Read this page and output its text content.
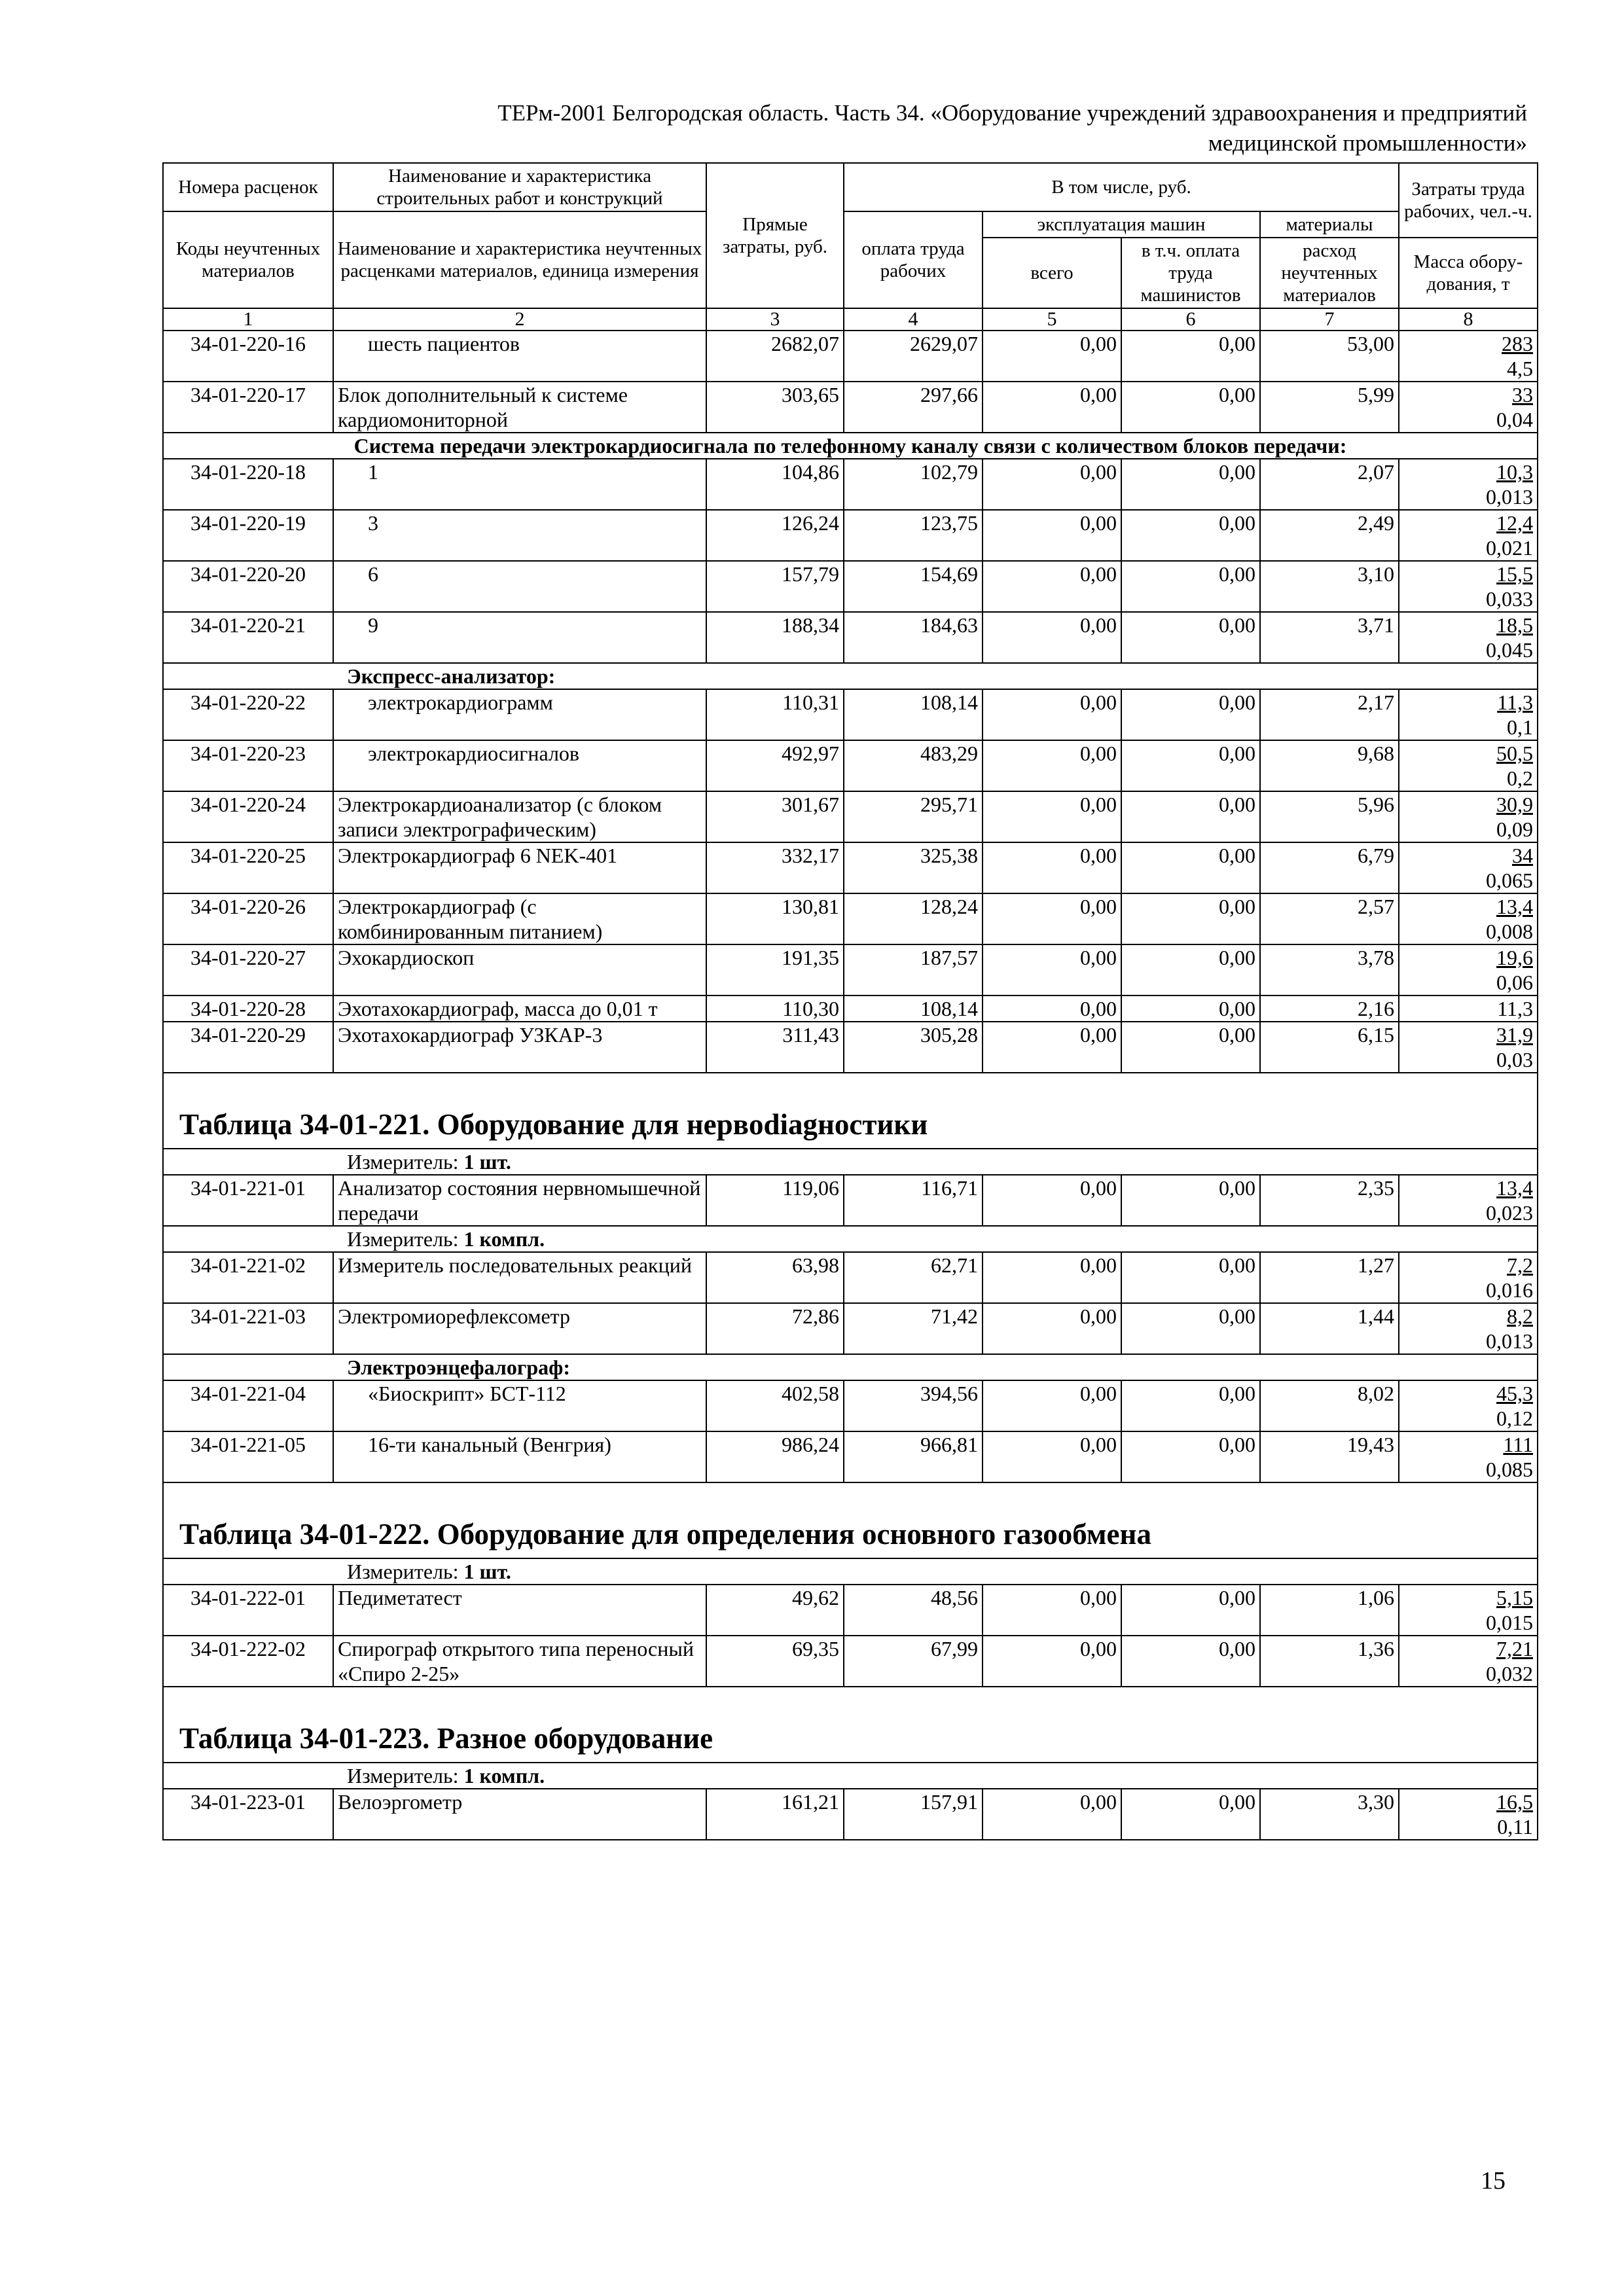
ТЕРм-2001 Белгородская область. Часть 34. «Оборудование учреждений здравоохранения и предприятий
медицинской промышленности»
Номера расценок	Наименование и характеристика строительных работ и конструкций	Прямые затраты, руб.	В том числе, руб.				Затраты труда рабочих, чел.-ч.
Коды неучтенных материалов	Наименование и характеристика неучтенных расценками материалов, единица измерения		оплата труда рабочих	эксплуатация машин		материалы	
				всего	в т.ч. оплата труда машинистов	расход неучтенных материалов	Масса обору-дования, т
1	2	3	4	5	6	7	8
34-01-220-16	шесть пациентов	2682,07	2629,07	0,00	0,00	53,00	283
4,5

34-01-220-17	Блок дополнительный к системе кардиомониторной	303,65	297,66	0,00	0,00	5,99	33
0,04

Система передачи электрокардиосигнала по телефонному каналу связи с количеством блоков передачи:							
34-01-220-18	1	104,86	102,79	0,00	0,00	2,07	10,3
0,013

34-01-220-19	3	126,24	123,75	0,00	0,00	2,49	12,4
0,021

34-01-220-20	6	157,79	154,69	0,00	0,00	3,10	15,5
0,033

34-01-220-21	9	188,34	184,63	0,00	0,00	3,71	18,5
0,045

Экспресс-анализатор:							
34-01-220-22	электрокардиограмм	110,31	108,14	0,00	0,00	2,17	11,3
0,1

34-01-220-23	электрокардиосигналов	492,97	483,29	0,00	0,00	9,68	50,5
0,2

34-01-220-24	Электрокардиоанализатор (с блоком записи электрографическим)	301,67	295,71	0,00	0,00	5,96	30,9
0,09

34-01-220-25	Электрокардиограф 6 NEK-401	332,17	325,38	0,00	0,00	6,79	34
0,065

34-01-220-26	Электрокардиограф (с комбинированным питанием)	130,81	128,24	0,00	0,00	2,57	13,4
0,008

34-01-220-27	Эхокардиоскоп	191,35	187,57	0,00	0,00	3,78	19,6
0,06

34-01-220-28	Эхотахокардиограф, масса до 0,01 т	110,30	108,14	0,00	0,00	2,16	11,3

34-01-220-29	Эхотахокардиограф УЗКАР-3	311,43	305,28	0,00	0,00	6,15	31,9
0,03

Таблица 34-01-221. Оборудование для нервodiagностики							
Измеритель: 1 шт.							
34-01-221-01	Анализатор состояния нервномышечной передачи	119,06	116,71	0,00	0,00	2,35	13,4
0,023

Измеритель: 1 компл.							
34-01-221-02	Измеритель последовательных реакций	63,98	62,71	0,00	0,00	1,27	7,2
0,016

34-01-221-03	Электромиорефлексометр	72,86	71,42	0,00	0,00	1,44	8,2
0,013

Электроэнцефалограф:							
34-01-221-04	«Биоскрипт» БСТ-112	402,58	394,56	0,00	0,00	8,02	45,3
0,12

34-01-221-05	16-ти канальный (Венгрия)	986,24	966,81	0,00	0,00	19,43	111
0,085

Таблица 34-01-222. Оборудование для определения основного газообмена							
Измеритель: 1 шт.							
34-01-222-01	Педиметатест	49,62	48,56	0,00	0,00	1,06	5,15
0,015

34-01-222-02	Спирограф открытого типа переносный «Спиро 2-25»	69,35	67,99	0,00	0,00	1,36	7,21
0,032

Таблица 34-01-223. Разное оборудование							
Измеритель: 1 компл.							
34-01-223-01	Велоэргометр	161,21	157,91	0,00	0,00	3,30	16,5
0,11
15
